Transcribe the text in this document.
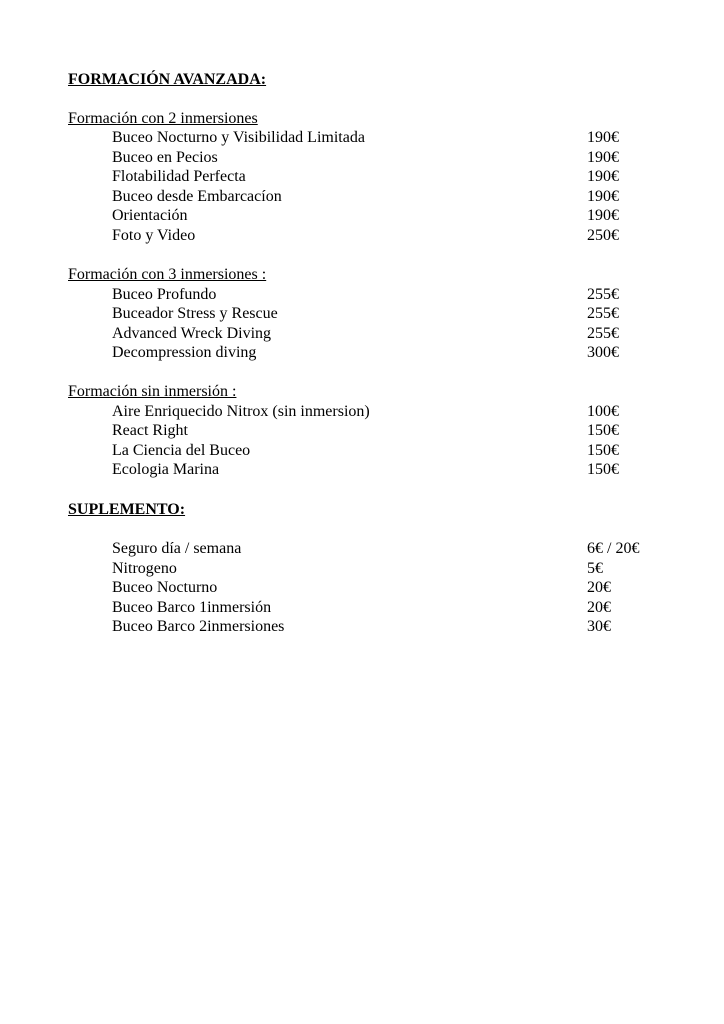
FORMACIÓN AVANZADA:
Formación con 2 inmersiones
Buceo Nocturno y Visibilidad Limitada	190€
Buceo en Pecios	190€
Flotabilidad Perfecta	190€
Buceo desde Embarcacíon	190€
Orientación	190€
Foto y Video	250€
Formación con 3 inmersiones :
Buceo Profundo	255€
Buceador Stress y Rescue	255€
Advanced Wreck Diving	255€
Decompression diving	300€
Formación sin inmersión :
Aire Enriquecido Nitrox (sin inmersion)	100€
React Right	150€
La Ciencia del Buceo	150€
Ecologia Marina	150€
SUPLEMENTO:
Seguro día / semana	6€ / 20€
Nitrogeno	5€
Buceo Nocturno	20€
Buceo Barco 1inmersión	20€
Buceo Barco 2inmersiones	30€
